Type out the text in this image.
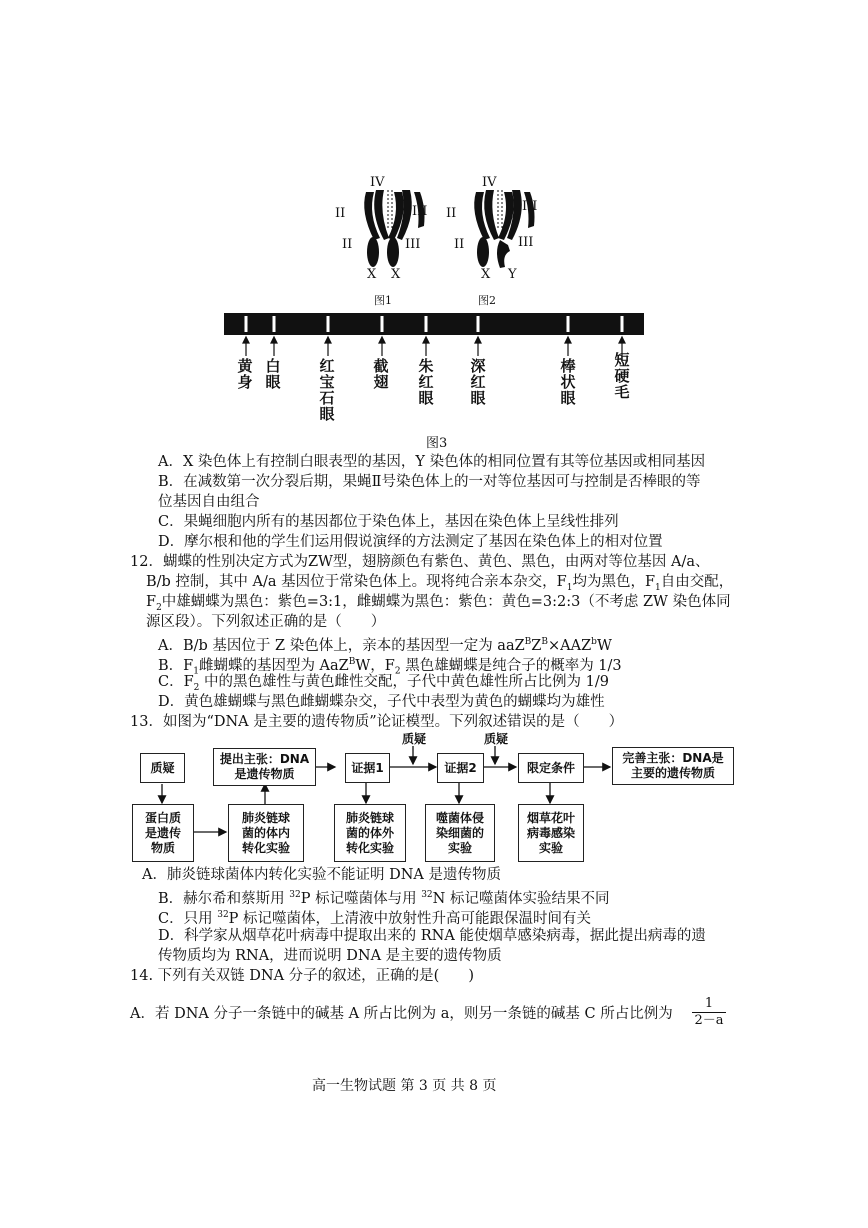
IV
II
II
III
III
X X
图1
IV
II
II
III
III
X Y
图2
黄身
白眼
红宝石眼
截翅
朱红眼
深红眼
棒状眼
短硬毛
图3
A．X 染色体上有控制白眼表型的基因，Y 染色体的相同位置有其等位基因或相同基因
B．在减数第一次分裂后期，果蝇Ⅱ号染色体上的一对等位基因可与控制是否棒眼的等
位基因自由组合
C．果蝇细胞内所有的基因都位于染色体上，基因在染色体上呈线性排列
D．摩尔根和他的学生们运用假说演绎的方法测定了基因在染色体上的相对位置
12．蝴蝶的性别决定方式为ZW型，翅膀颜色有紫色、黄色、黑色，由两对等位基因 A/a、
B/b 控制，其中 A/a 基因位于常染色体上。现将纯合亲本杂交，$F_1$均为黑色，$F_1$自由交配，
$F_2$中雄蝴蝶为黑色：紫色=3:1，雌蝴蝶为黑色：紫色：黄色=3:2:3（不考虑 ZW 染色体同
源区段）。下列叙述正确的是（　　）
A．B/b 基因位于 Z 染色体上，亲本的基因型一定为 $aaZ^BZ^B\times AAZ^bW$
B．$F_1$雌蝴蝶的基因型为 AaZ$^B$W，$F_2$ 黑色雄蝴蝶是纯合子的概率为 1/3
C．$F_2$ 中的黑色雄性与黄色雌性交配，子代中黄色雄性所占比例为 1/9
D．黄色雄蝴蝶与黑色雌蝴蝶杂交，子代中表型为黄色的蝴蝶均为雄性
13．如图为“DNA 是主要的遗传物质”论证模型。下列叙述错误的是（　　）
质疑	质疑
质疑
提出主张：DNA
是遗传物质	证据1	证据2	限定条件
完善主张：DNA是
主要的遗传物质
蛋白质
是遗传
物质
肺炎链球
菌的体内
转化实验
肺炎链球
菌的体外
转化实验
噬菌体侵
染细菌的
实验
烟草花叶
病毒感染
实验
A．肺炎链球菌体内转化实验不能证明 DNA 是遗传物质
B．赫尔希和蔡斯用 $^{32}$P 标记噬菌体与用 $^{32}$N 标记噬菌体实验结果不同
C．只用 $^{32}$P 标记噬菌体，上清液中放射性升高可能跟保温时间有关
D．科学家从烟草花叶病毒中提取出来的 RNA 能使烟草感染病毒，据此提出病毒的遗
传物质均为 RNA，进而说明 DNA 是主要的遗传物质
14. 下列有关双链 DNA 分子的叙述，正确的是(　　)
A．若 DNA 分子一条链中的碱基 A 所占比例为 a，则另一条链的碱基 C 所占比例为 $\frac{1}{2-a}$
高一生物试题 第 3 页 共 8 页
